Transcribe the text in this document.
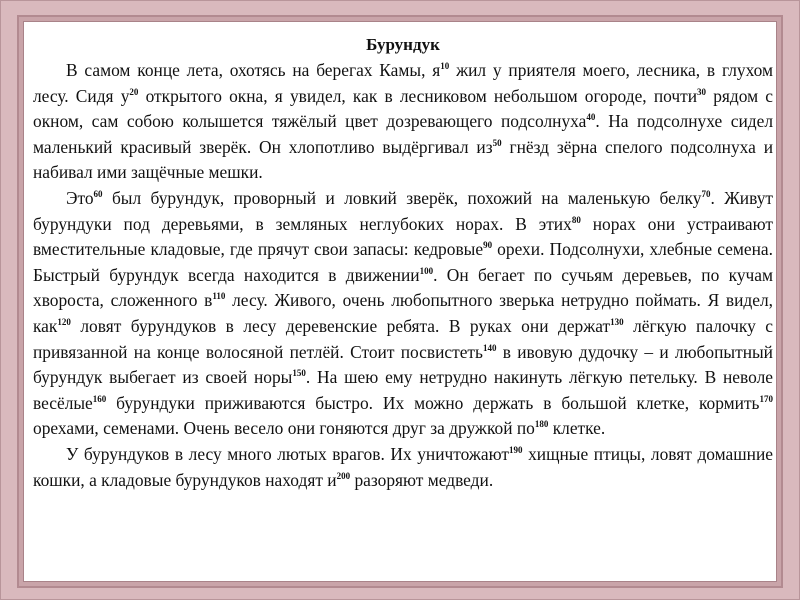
Бурундук

В самом конце лета, охотясь на берегах Камы, $я^{10}$ жил у приятеля моего, лесника, в глухом лесу. Сидя $у^{20}$ открытого окна, я увидел, как в лесниковом небольшом огороде, почти$^{30}$ рядом с окном, сам собою колышется тяжёлый цвет дозревающего подсолнуха$^{40}$. На подсолнухе сидел маленький красивый зверёк. Он хлопотливо выдёргивал $из^{50}$ гнёзд зёрна спелого подсолнуха и набивал ими защёчные мешки.

Это$^{60}$ был бурундук, проворный и ловкий зверёк, похожий на маленькую белку$^{70}$. Живут бурундуки под деревьями, в земляных неглубоких норах. В этих$^{80}$ норах они устраивают вместительные кладовые, где прячут свои запасы: кедровые$^{90}$ орехи. Подсолнухи, хлебные семена. Быстрый бурундук всегда находится в движении$^{100}$. Он бегает по сучьям деревьев, по кучам хвороста, сложенного $в^{110}$ лесу. Живого, очень любопытного зверька нетрудно поймать. Я видел, как$^{120}$ ловят бурундуков в лесу деревенские ребята. В руках они держат$^{130}$ лёгкую палочку с привязанной на конце волосяной петлёй. Стоит посвистеть$^{140}$ в ивовую дудочку – и любопытный бурундук выбегает из своей норы$^{150}$. На шею ему нетрудно накинуть лёгкую петельку. В неволе весёлые$^{160}$ бурундуки приживаются быстро. Их можно держать в большой клетке, кормить$^{170}$ орехами, семенами. Очень весело они гоняются друг за дружкой $по^{180}$ клетке.

У бурундуков в лесу много лютых врагов. Их уничтожают$^{190}$ хищные птицы, ловят домашние кошки, а кладовые бурундуков находят $и^{200}$ разоряют медведи.
